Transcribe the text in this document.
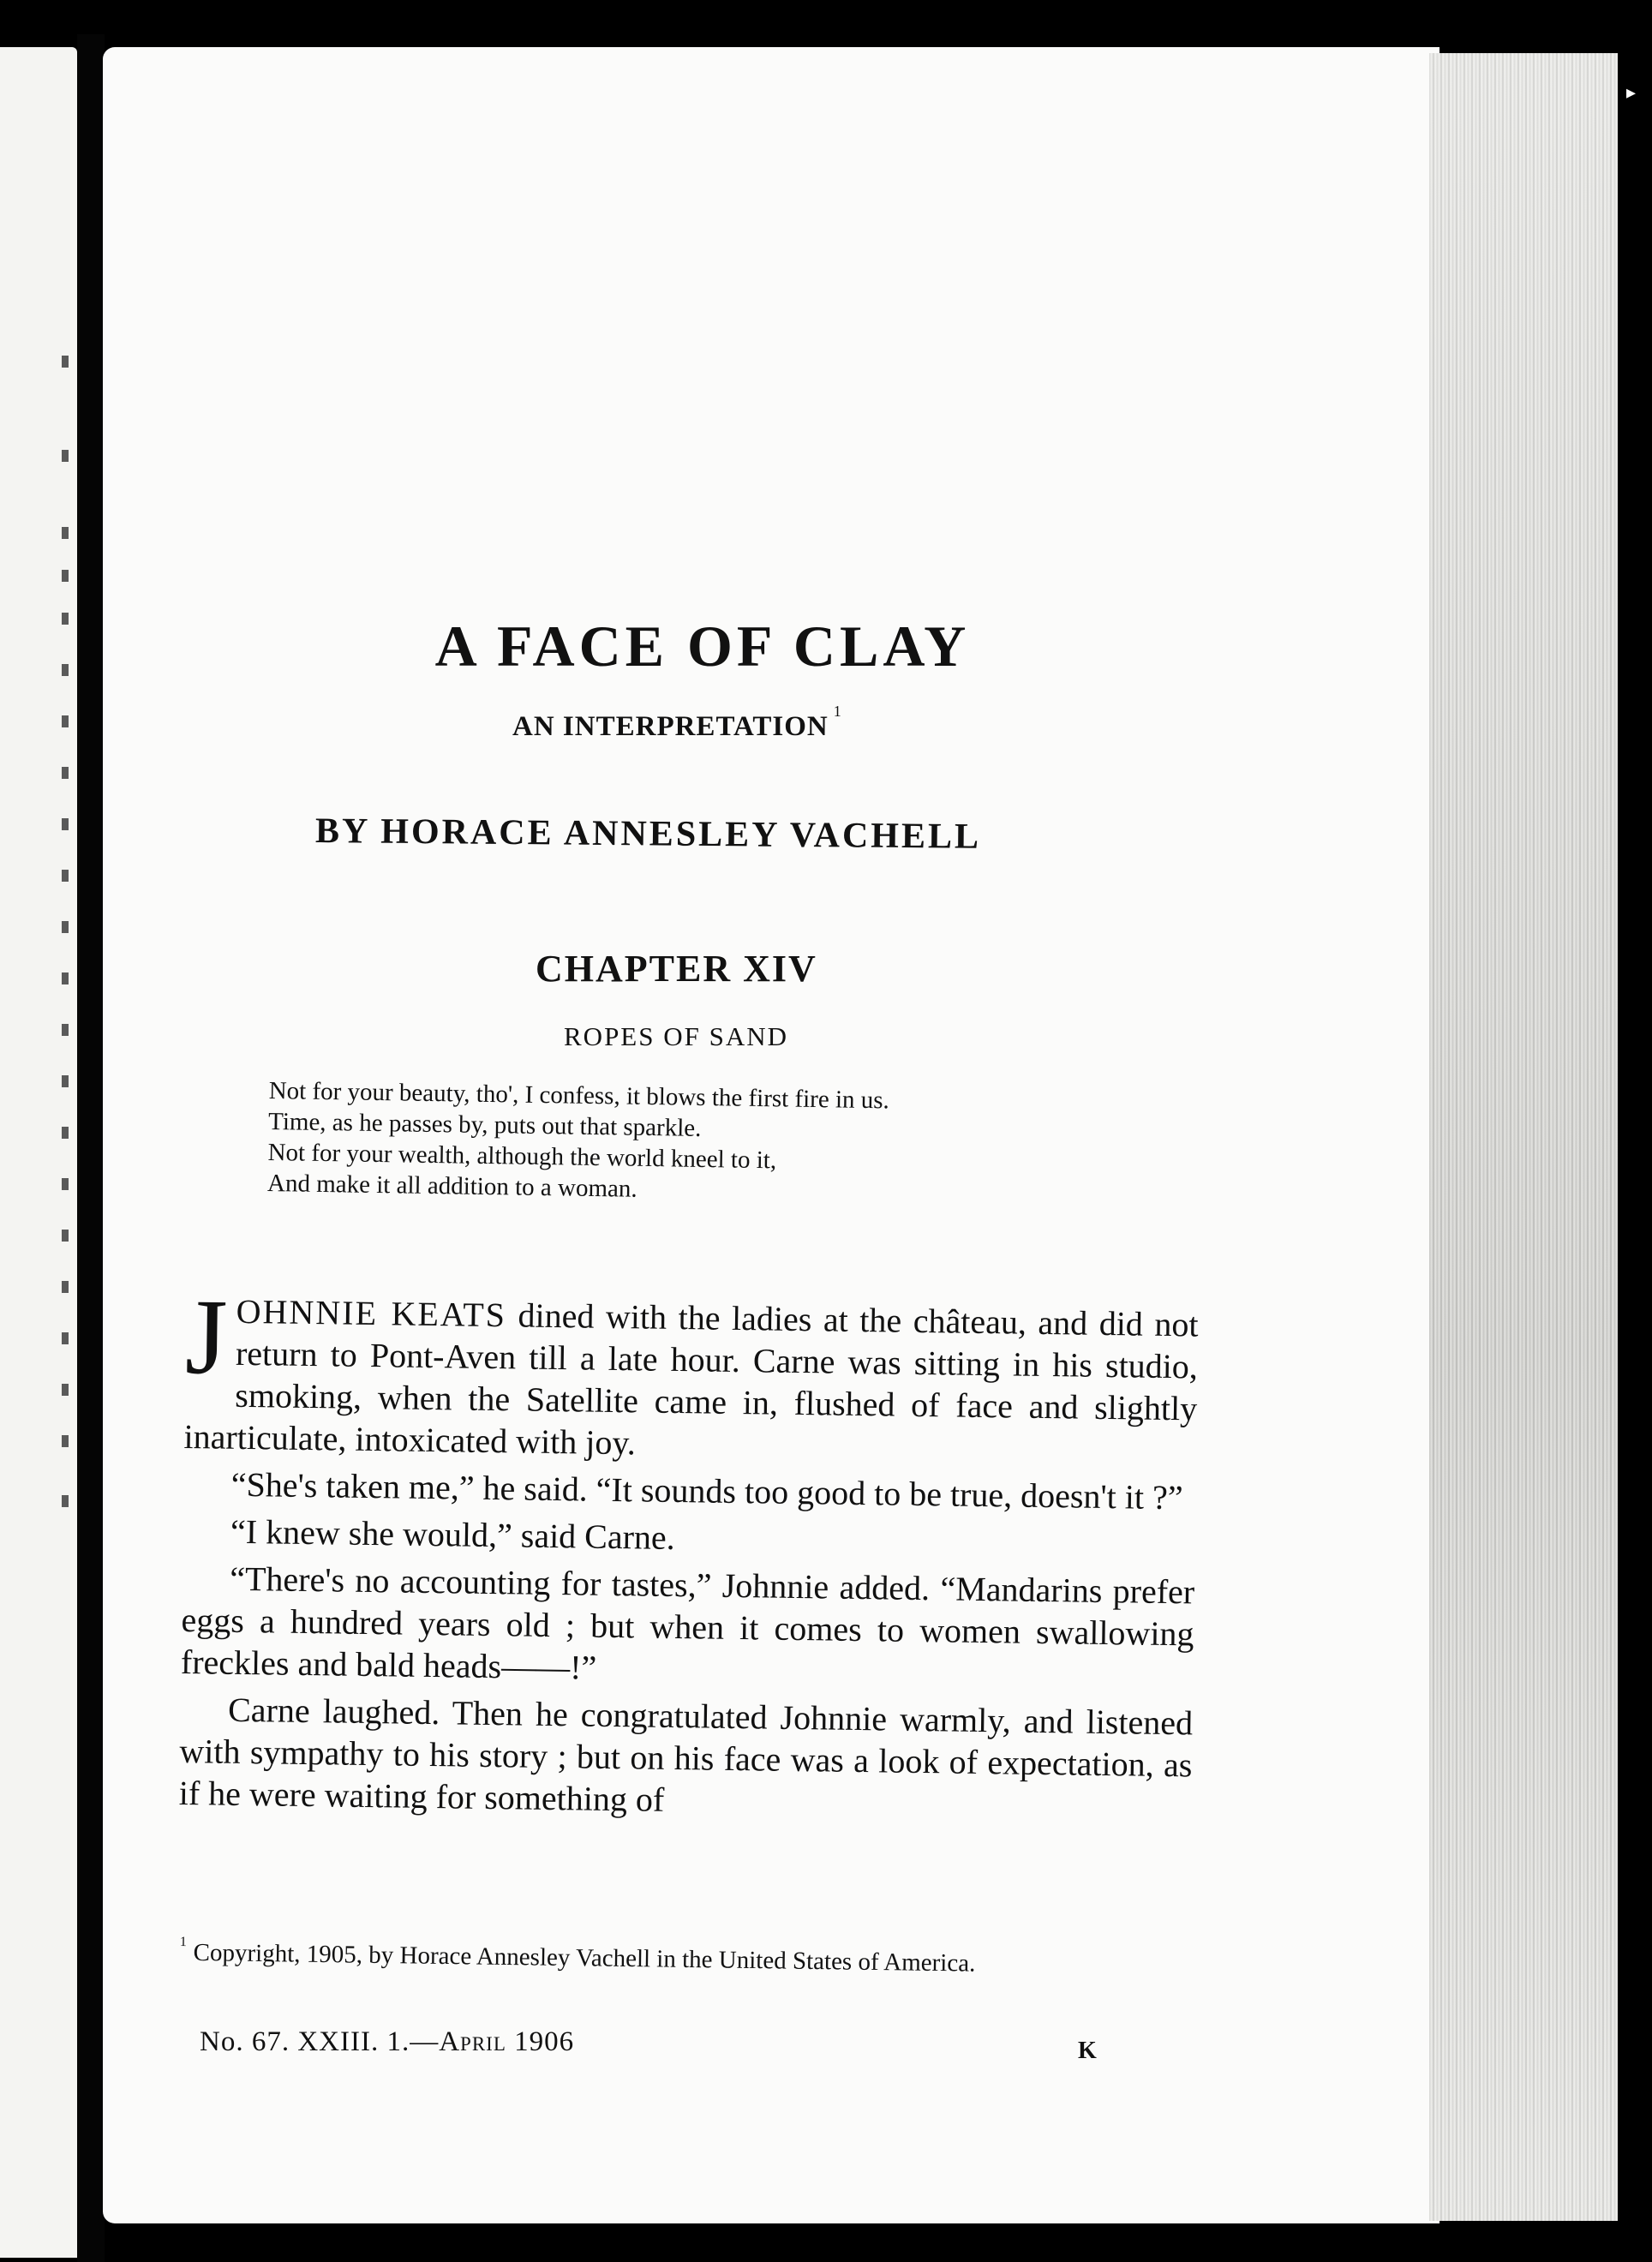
▸
A FACE OF CLAY
AN INTERPRETATION $^1$
BY HORACE ANNESLEY VACHELL
CHAPTER XIV
ROPES OF SAND
Not for your beauty, tho', I confess, it blows the first fire in us.
Time, as he passes by, puts out that sparkle.
Not for your wealth, although the world kneel to it,
And make it all addition to a woman.

JOHNNIE KEATS dined with the ladies at the château, and did not return to Pont-Aven till a late hour. Carne was sitting in his studio, smoking, when the Satellite came in, flushed of face and slightly inarticulate, intoxicated with joy.

“She's taken me,” he said. “It sounds too good to be true, doesn't it ?”

“I knew she would,” said Carne.

“There's no accounting for tastes,” Johnnie added. “Mandarins prefer eggs a hundred years old ; but when it comes to women swallowing freckles and bald heads——!”

Carne laughed. Then he congratulated Johnnie warmly, and listened with sympathy to his story ; but on his face was a look of expectation, as if he were waiting for something of

$^1$ Copyright, 1905, by Horace Annesley Vachell in the United States of America.
No. 67. XXIII. 1.—April 1906	K
